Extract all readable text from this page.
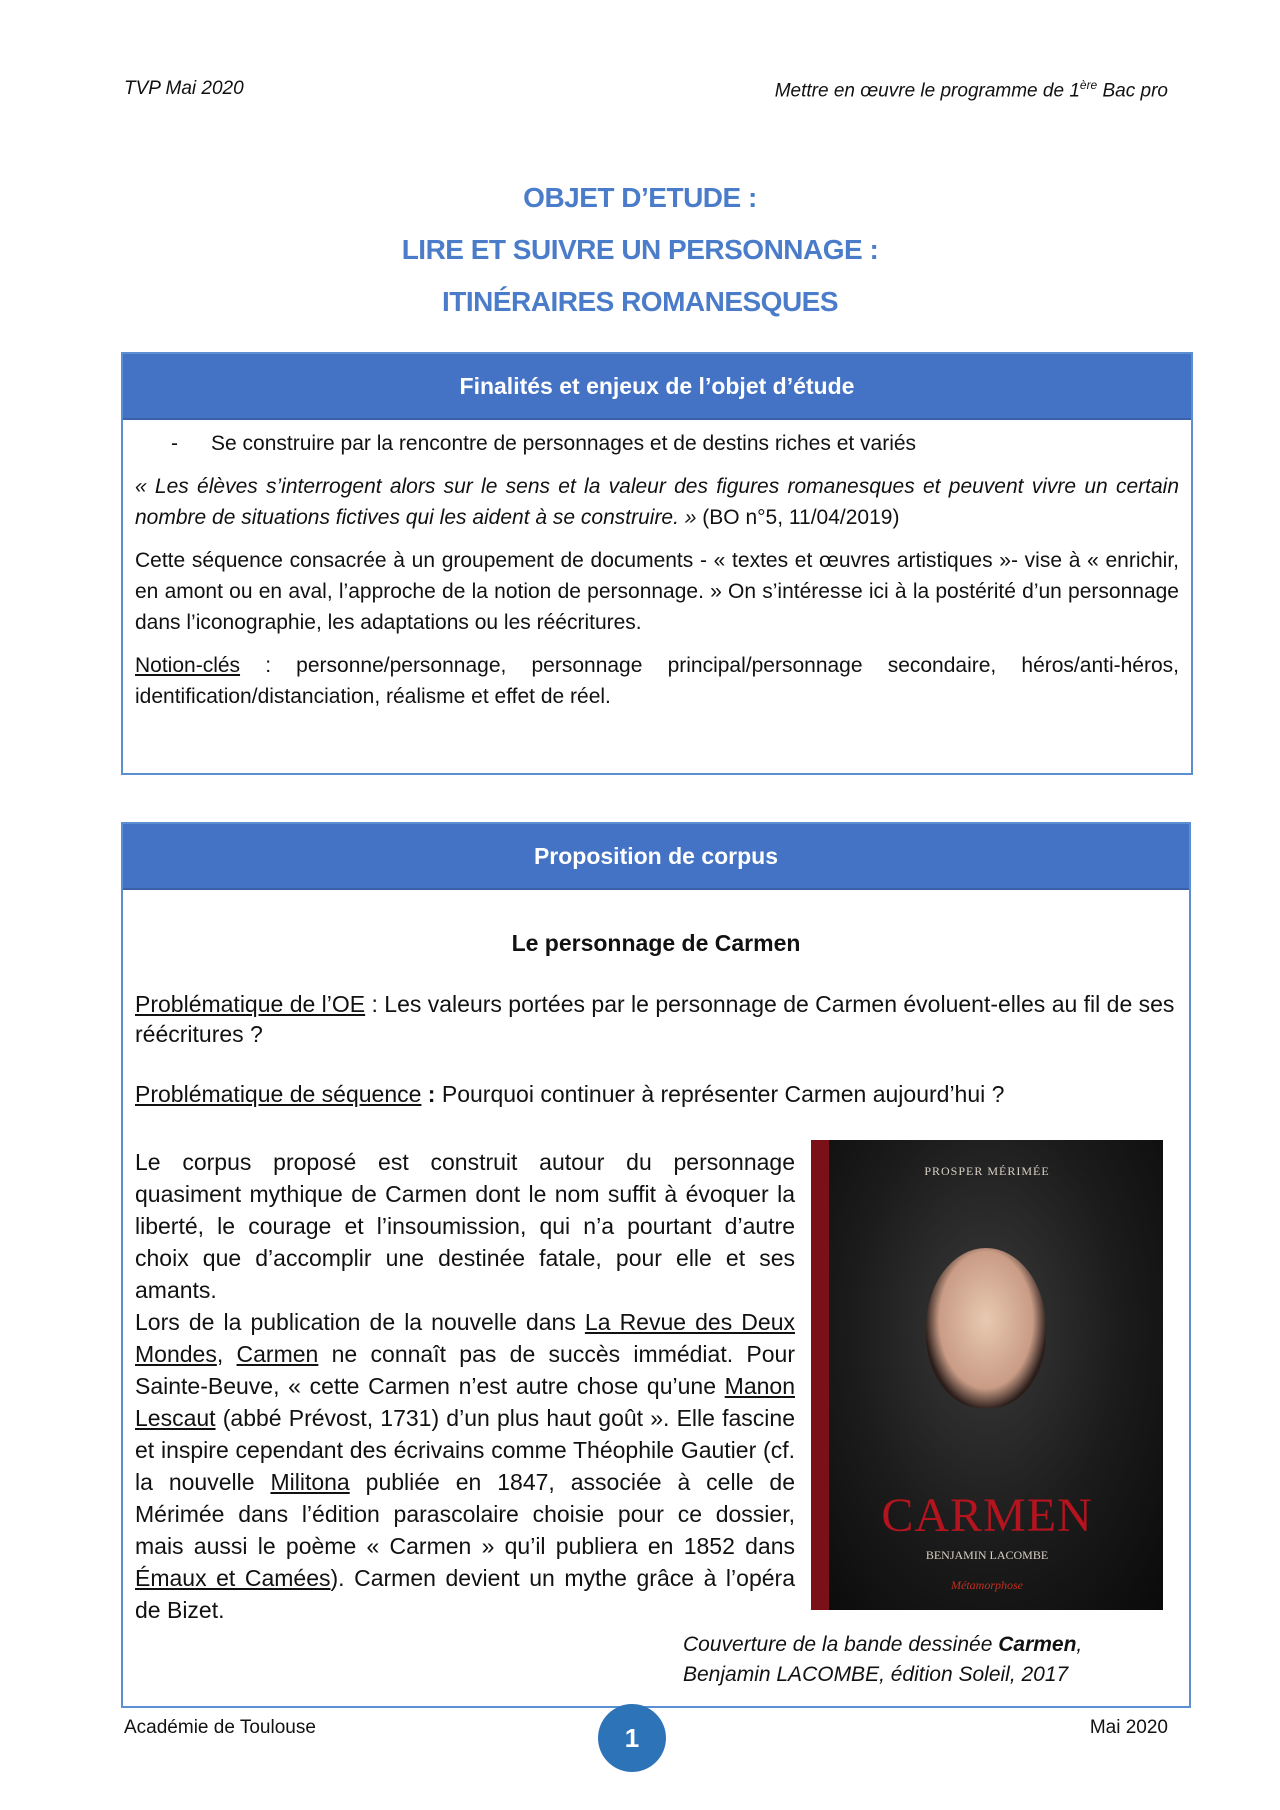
TVP Mai 2020	Mettre en œuvre le programme de 1ère Bac pro
OBJET D’ETUDE :
LIRE ET SUIVRE UN PERSONNAGE :
ITINÉRAIRES ROMANESQUES
Finalités et enjeux de l’objet d’étude
- Se construire par la rencontre de personnages et de destins riches et variés
« Les élèves s’interrogent alors sur le sens et la valeur des figures romanesques et peuvent vivre un certain nombre de situations fictives qui les aident à se construire. » (BO n°5, 11/04/2019)
Cette séquence consacrée à un groupement de documents - « textes et œuvres artistiques »- vise à « enrichir, en amont ou en aval, l’approche de la notion de personnage. » On s’intéresse ici à la postérité d’un personnage dans l’iconographie, les adaptations ou les réécritures.
Notion-clés : personne/personnage, personnage principal/personnage secondaire, héros/anti-héros, identification/distanciation, réalisme et effet de réel.
Proposition de corpus
Le personnage de Carmen
Problématique de l’OE : Les valeurs portées par le personnage de Carmen évoluent-elles au fil de ses réécritures ?
Problématique de séquence : Pourquoi continuer à représenter Carmen aujourd’hui ?
Le corpus proposé est construit autour du personnage quasiment mythique de Carmen dont le nom suffit à évoquer la liberté, le courage et l’insoumission, qui n’a pourtant d’autre choix que d’accomplir une destinée fatale, pour elle et ses amants.
Lors de la publication de la nouvelle dans La Revue des Deux Mondes, Carmen ne connaît pas de succès immédiat. Pour Sainte-Beuve, « cette Carmen n’est autre chose qu’une Manon Lescaut (abbé Prévost, 1731) d’un plus haut goût ». Elle fascine et inspire cependant des écrivains comme Théophile Gautier (cf. la nouvelle Militona publiée en 1847, associée à celle de Mérimée dans l’édition parascolaire choisie pour ce dossier, mais aussi le poème « Carmen » qu’il publiera en 1852 dans Émaux et Camées). Carmen devient un mythe grâce à l’opéra de Bizet.
PROSPER MÉRIMÉE
CARMEN
BENJAMIN LACOMBE
Métamorphose
Couverture de la bande dessinée Carmen,
Benjamin LACOMBE, édition Soleil, 2017
Académie de Toulouse	1	Mai 2020
